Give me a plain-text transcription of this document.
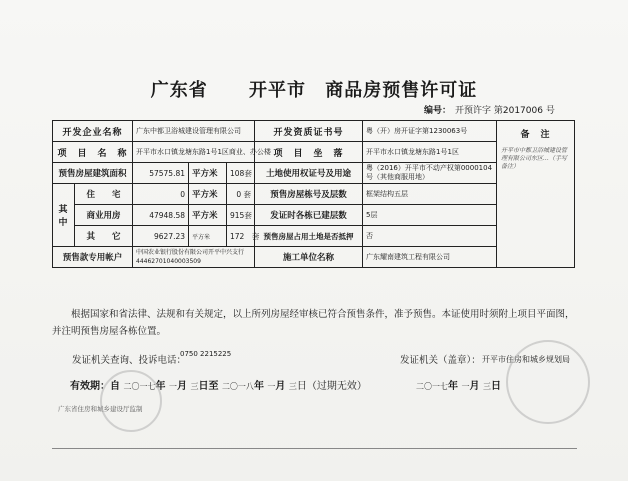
广东省 开平市 商品房预售许可证
编号： 开预许字 第2017006 号
开发企业名称		广东中都卫浴城建设管理有限公司			开发资质证书号	粤（开）房开证字第1230063号	备　注
开平市中都卫浴城建设管理有限公司东区…（手写备注）

项　目　名　称		开平市水口镇龙塘东路1号1区商业、办公楼			项　目　坐　落	开平市水口镇龙塘东路1号1区	
预售房屋建筑面积		57575.81	平方米	108套	土地使用权证号及用途	粤（2016）开平市不动产权第0000104号（其他商服用地）	
其　中	住　　宅	0	平方米	0 套	预售房屋栋号及层数	框架结构五层	
	商业用房	47948.58	平方米	915套	发证时各栋已建层数	5层	
	其　　它	9627.23	平方米	172　套	预售房屋占用土地是否抵押	否	
预售款专用帐户		中国农业银行股份有限公司开平中兴支行
44462701040003509			施工单位名称	广东耀南建筑工程有限公司	
根据国家和省法律、法规和有关规定，以上所列房屋经审核已符合预售条件，准予预售。本证使用时须附上项目平面图，并注明预售房屋各栋位置。
发证机关查询、投诉电话：
0750 2215225
发证机关（盖章）： 开平市住房和城乡规划局
有效期：自 二〇一七年 一月 三日至 二〇一八年 一月 三日（过期无效）	二〇一七年 一月 三日
广东省住房和城乡建设厅监制
